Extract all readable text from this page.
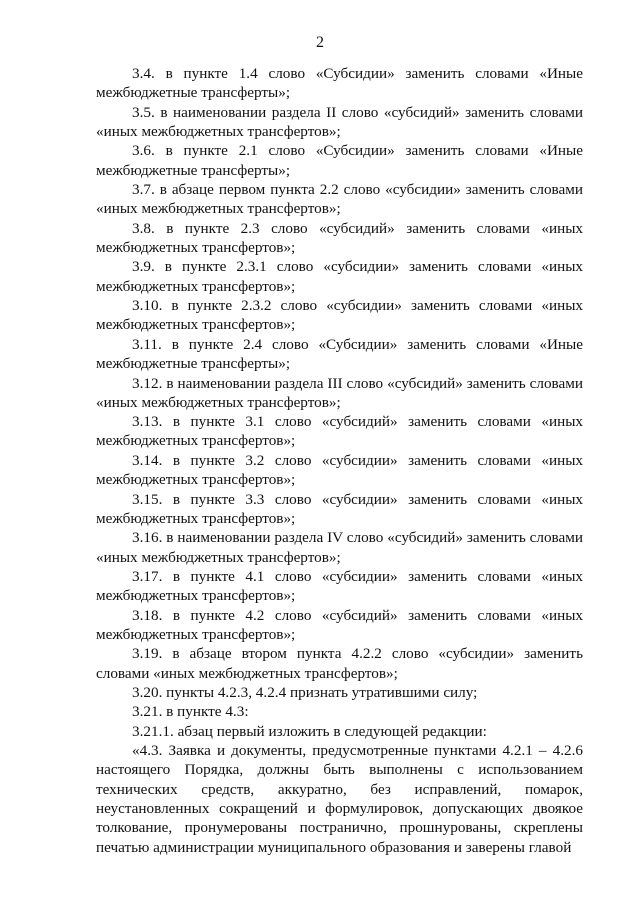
2

3.4. в пункте 1.4 слово «Субсидии» заменить словами «Иные межбюджетные трансферты»;

3.5. в наименовании раздела II слово «субсидий» заменить словами «иных межбюджетных трансфертов»;

3.6. в пункте 2.1 слово «Субсидии» заменить словами «Иные межбюджетные трансферты»;

3.7. в абзаце первом пункта 2.2 слово «субсидии» заменить словами «иных межбюджетных трансфертов»;

3.8. в пункте 2.3 слово «субсидий» заменить словами «иных межбюджетных трансфертов»;

3.9. в пункте 2.3.1 слово «субсидии» заменить словами «иных межбюджетных трансфертов»;

3.10. в пункте 2.3.2 слово «субсидии» заменить словами «иных межбюджетных трансфертов»;

3.11. в пункте 2.4 слово «Субсидии» заменить словами «Иные межбюджетные трансферты»;

3.12. в наименовании раздела III слово «субсидий» заменить словами «иных межбюджетных трансфертов»;

3.13. в пункте 3.1 слово «субсидий» заменить словами «иных межбюджетных трансфертов»;

3.14. в пункте 3.2 слово «субсидии» заменить словами «иных межбюджетных трансфертов»;

3.15. в пункте 3.3 слово «субсидии» заменить словами «иных межбюджетных трансфертов»;

3.16. в наименовании раздела IV слово «субсидий» заменить словами «иных межбюджетных трансфертов»;

3.17. в пункте 4.1 слово «субсидии» заменить словами «иных межбюджетных трансфертов»;

3.18. в пункте 4.2 слово «субсидий» заменить словами «иных межбюджетных трансфертов»;

3.19. в абзаце втором пункта 4.2.2 слово «субсидии» заменить словами «иных межбюджетных трансфертов»;

3.20. пункты 4.2.3, 4.2.4 признать утратившими силу;

3.21. в пункте 4.3:

3.21.1. абзац первый изложить в следующей редакции:

«4.3. Заявка и документы, предусмотренные пунктами 4.2.1 – 4.2.6 настоящего Порядка, должны быть выполнены с использованием технических средств, аккуратно, без исправлений, помарок, неустановленных сокращений и формулировок, допускающих двоякое толкование, пронумерованы постранично, прошнурованы, скреплены печатью администрации муниципального образования и заверены главой
